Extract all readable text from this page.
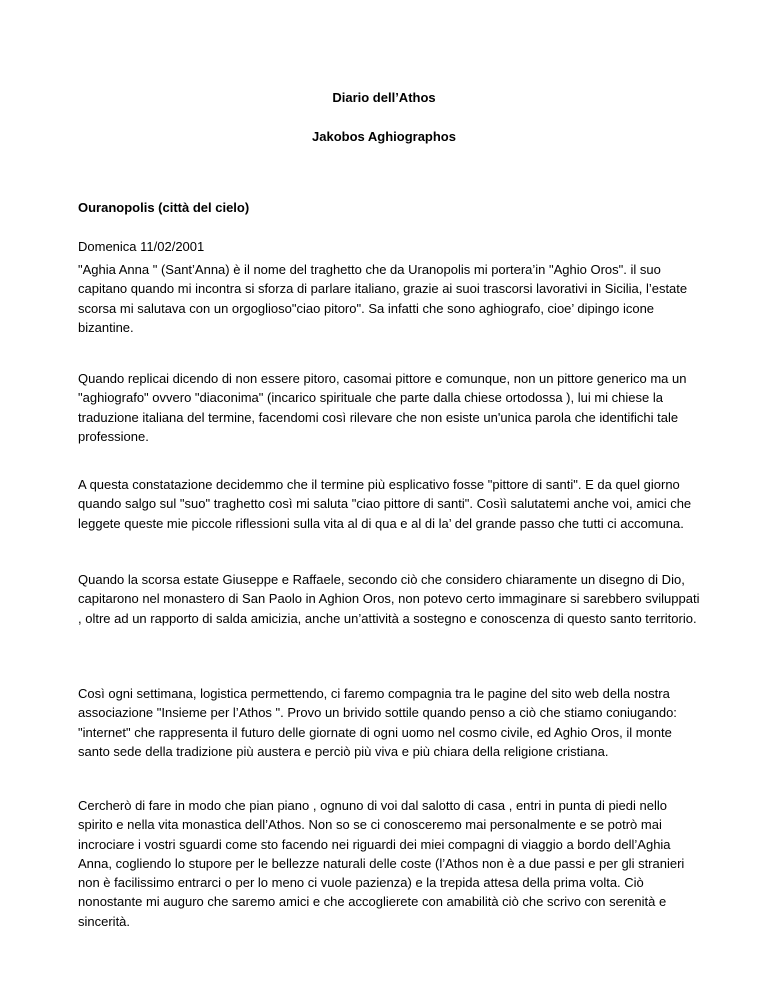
Diario dell’Athos

Jakobos Aghiographos

Ouranopolis (città del cielo)

Domenica 11/02/2001

"Aghia Anna " (Sant’Anna) è il nome del traghetto che da Uranopolis mi portera’in "Aghio Oros". il suo capitano quando mi incontra si sforza di parlare italiano, grazie ai suoi trascorsi lavorativi in Sicilia, l’estate scorsa mi salutava con un orgoglioso"ciao pitoro". Sa infatti che sono aghiografo, cioe’ dipingo icone bizantine.

Quando replicai dicendo di non essere pitoro, casomai pittore e comunque, non un pittore generico ma un "aghiografo" ovvero "diaconima" (incarico spirituale che parte dalla chiese ortodossa ), lui mi chiese la traduzione italiana del termine, facendomi così rilevare che non esiste un'unica parola che identifichi tale professione.

A questa constatazione decidemmo che il termine più esplicativo fosse "pittore di santi". E da quel giorno quando salgo sul "suo" traghetto così mi saluta "ciao pittore di santi". Cosìì salutatemi anche voi, amici che leggete queste mie piccole riflessioni sulla vita al di qua e al di la’ del grande passo che tutti ci accomuna.

Quando la scorsa estate Giuseppe e Raffaele, secondo ciò che considero chiaramente un disegno di Dio, capitarono nel monastero di San Paolo in Aghion Oros, non potevo certo immaginare si sarebbero sviluppati , oltre ad un rapporto di salda amicizia, anche un’attività a sostegno e conoscenza di questo santo territorio.

Così ogni settimana, logistica permettendo, ci faremo compagnia tra le pagine del sito web della nostra associazione "Insieme per l’Athos ". Provo un brivido sottile quando penso a ciò che stiamo coniugando: "internet" che rappresenta il futuro delle giornate di ogni uomo nel cosmo civile, ed Aghio Oros, il monte santo sede della tradizione più austera e perciò più viva e più chiara della religione cristiana.

Cercherò di fare in modo che pian piano , ognuno di voi dal salotto di casa , entri in punta di piedi nello spirito e nella vita monastica dell’Athos. Non so se ci conosceremo mai personalmente e se potrò mai incrociare i vostri sguardi come sto facendo nei riguardi dei miei compagni di viaggio a bordo dell’Aghia Anna, cogliendo lo stupore per le bellezze naturali delle coste (l’Athos non è a due passi e per gli stranieri non è facilissimo entrarci o per lo meno ci vuole pazienza) e la trepida attesa della prima volta. Ciò nonostante mi auguro che saremo amici e che accoglierete con amabilità ciò che scrivo con serenità e sincerità.
